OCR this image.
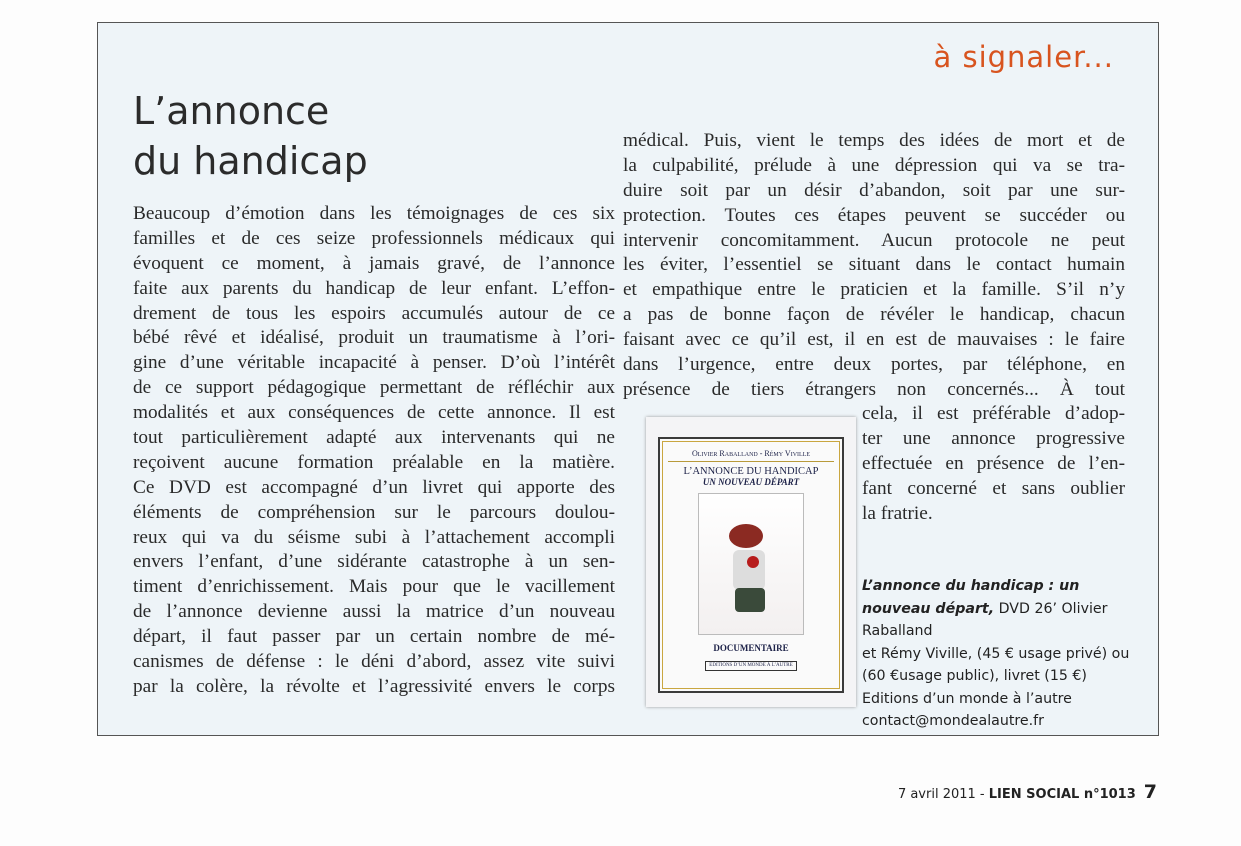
à signaler...
L’annonce
du handicap
Beaucoup d’émotion dans les témoignages de ces six
familles et de ces seize professionnels médicaux qui
évoquent ce moment, à jamais gravé, de l’annonce
faite aux parents du handicap de leur enfant. L’effon-
drement de tous les espoirs accumulés autour de ce
bébé rêvé et idéalisé, produit un traumatisme à l’ori-
gine d’une véritable incapacité à penser. D’où l’intérêt
de ce support pédagogique permettant de réfléchir aux
modalités et aux conséquences de cette annonce. Il est
tout particulièrement adapté aux intervenants qui ne
reçoivent aucune formation préalable en la matière.
Ce DVD est accompagné d’un livret qui apporte des
éléments de compréhension sur le parcours doulou-
reux qui va du séisme subi à l’attachement accompli
envers l’enfant, d’une sidérante catastrophe à un sen-
timent d’enrichissement. Mais pour que le vacillement
de l’annonce devienne aussi la matrice d’un nouveau
départ, il faut passer par un certain nombre de mé-
canismes de défense : le déni d’abord, assez vite suivi
par la colère, la révolte et l’agressivité envers le corps
médical. Puis, vient le temps des idées de mort et de
la culpabilité, prélude à une dépression qui va se tra-
duire soit par un désir d’abandon, soit par une sur-
protection. Toutes ces étapes peuvent se succéder ou
intervenir concomitamment. Aucun protocole ne peut
les éviter, l’essentiel se situant dans le contact humain
et empathique entre le praticien et la famille. S’il n’y
a pas de bonne façon de révéler le handicap, chacun
faisant avec ce qu’il est, il en est de mauvaises : le faire
dans l’urgence, entre deux portes, par téléphone, en
présence de tiers étrangers non concernés... À tout
cela, il est préférable d’adop-
ter une annonce progressive
effectuée en présence de l’en-
fant concerné et sans oublier
la fratrie.
Olivier Raballand - Rémy Viville
L’ANNONCE DU HANDICAP
UN NOUVEAU DÉPART
DOCUMENTAIRE
EDITIONS D’UN MONDE À L’AUTRE
L’annonce du handicap : un nouveau départ, DVD 26’ Olivier Raballand
et Rémy Viville, (45 € usage privé) ou
(60 €usage public), livret (15 €)
Editions d’un monde à l’autre
contact@mondealautre.fr
7 avril 2011 - LIEN SOCIAL n°1013 7
